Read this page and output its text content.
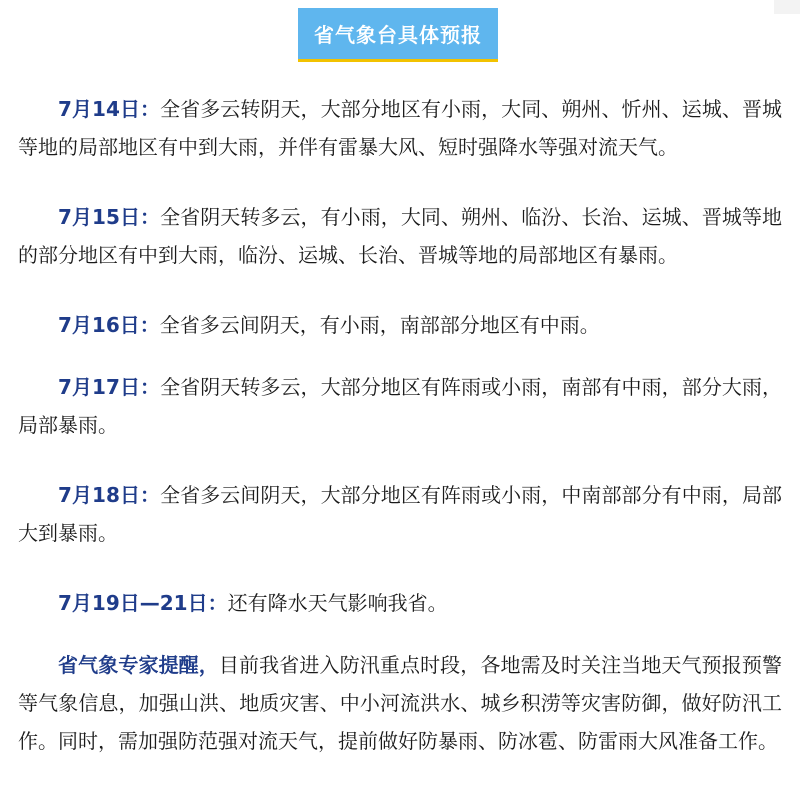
省气象台具体预报

7月14日：全省多云转阴天，大部分地区有小雨，大同、朔州、忻州、运城、晋城等地的局部地区有中到大雨，并伴有雷暴大风、短时强降水等强对流天气。

7月15日：全省阴天转多云，有小雨，大同、朔州、临汾、长治、运城、晋城等地的部分地区有中到大雨，临汾、运城、长治、晋城等地的局部地区有暴雨。

7月16日：全省多云间阴天，有小雨，南部部分地区有中雨。

7月17日：全省阴天转多云，大部分地区有阵雨或小雨，南部有中雨，部分大雨，局部暴雨。

7月18日：全省多云间阴天，大部分地区有阵雨或小雨，中南部部分有中雨，局部大到暴雨。

7月19日—21日：还有降水天气影响我省。

省气象专家提醒，目前我省进入防汛重点时段，各地需及时关注当地天气预报预警等气象信息，加强山洪、地质灾害、中小河流洪水、城乡积涝等灾害防御，做好防汛工作。同时，需加强防范强对流天气，提前做好防暴雨、防冰雹、防雷雨大风准备工作。
